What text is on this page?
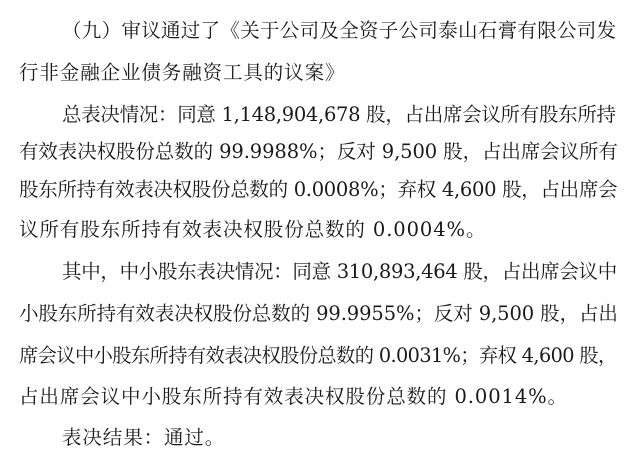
（九）审议通过了《关于公司及全资子公司泰山石膏有限公司发
行非金融企业债务融资工具的议案》
总表决情况：同意 1,148,904,678 股，占出席会议所有股东所持
有效表决权股份总数的 99.9988%；反对 9,500 股，占出席会议所有
股东所持有效表决权股份总数的 0.0008%；弃权 4,600 股，占出席会
议所有股东所持有效表决权股份总数的 0.0004%。
其中，中小股东表决情况：同意 310,893,464 股，占出席会议中
小股东所持有效表决权股份总数的 99.9955%；反对 9,500 股，占出
席会议中小股东所持有效表决权股份总数的 0.0031%；弃权 4,600 股，
占出席会议中小股东所持有效表决权股份总数的 0.0014%。
表决结果：通过。
